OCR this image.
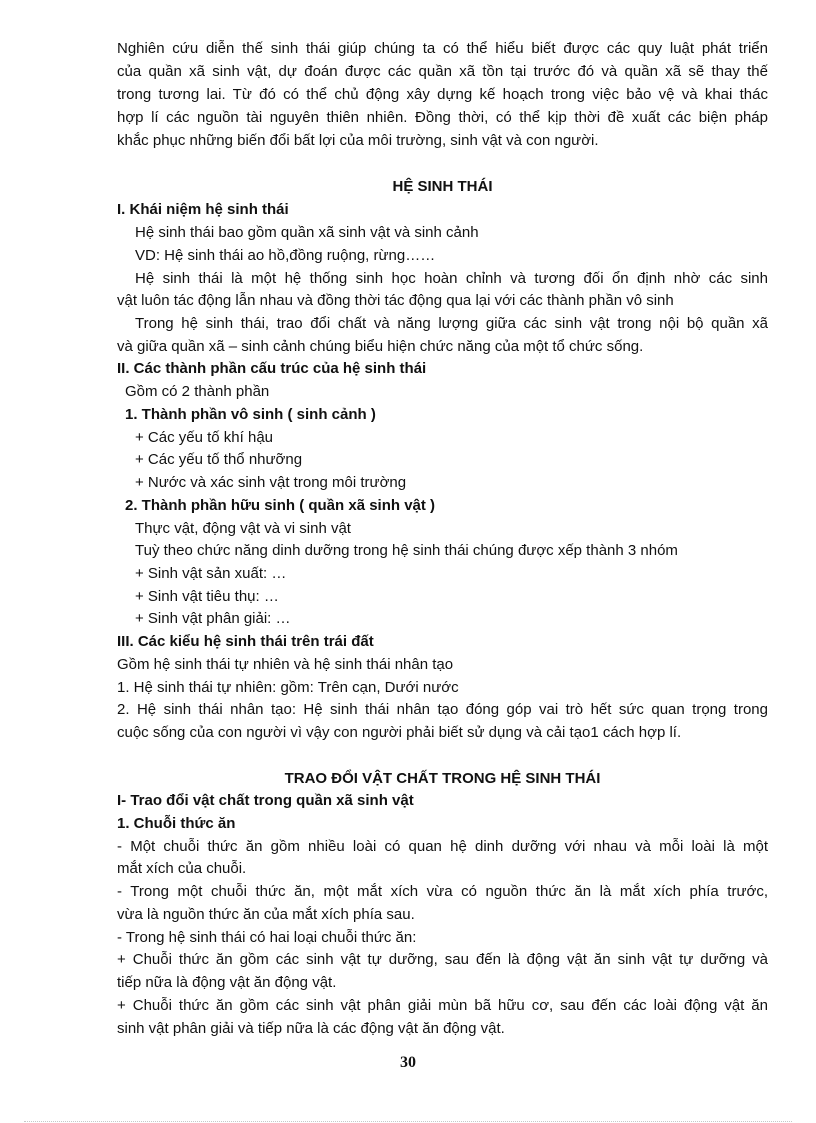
Nghiên cứu diễn thế sinh thái giúp chúng ta có thể hiểu biết được các quy luật phát triển

của quần xã sinh vật, dự đoán được các quần xã tồn tại trước đó và quần xã sẽ thay thế

trong tương lai. Từ đó có thể chủ động xây dựng kế hoạch trong việc bảo vệ và khai thác

hợp lí các nguồn tài nguyên thiên nhiên. Đồng thời, có thể kịp thời đề xuất các biện pháp

khắc phục những biến đổi bất lợi của môi trường, sinh vật và con người.

HỆ SINH THÁI

I. Khái niệm hệ sinh thái

Hệ sinh thái bao gồm quần xã sinh vật và sinh cảnh

VD: Hệ sinh thái ao hồ,đồng ruộng, rừng……

Hệ sinh thái là một hệ thống sinh học hoàn chỉnh và tương đối ổn định nhờ các sinh

vật luôn tác động lẫn nhau và đồng thời tác động qua lại với các thành phần vô sinh

Trong hệ sinh thái, trao đổi chất và năng lượng giữa các sinh vật trong nội bộ quần xã

và giữa quần xã – sinh cảnh chúng biểu hiện chức năng của một tổ chức sống.

II. Các thành phần cấu trúc của hệ sinh thái

Gồm có 2 thành phần

1. Thành phần vô sinh ( sinh cảnh )

+ Các yếu tố khí hậu

+ Các yếu tố thổ nhưỡng

+ Nước và xác sinh vật trong môi trường

2. Thành phần hữu sinh ( quần xã sinh vật )

Thực vật, động vật và vi sinh vật

Tuỳ theo chức năng dinh dưỡng trong hệ sinh thái chúng được xếp thành 3 nhóm

+ Sinh vật sản xuất: …

+ Sinh vật tiêu thụ: …

+ Sinh vật phân giải: …

III. Các kiểu hệ sinh thái trên trái đất

Gồm hệ sinh thái tự nhiên và hệ sinh thái nhân tạo

1. Hệ sinh thái tự nhiên: gồm: Trên cạn, Dưới nước

2. Hệ sinh thái nhân tạo: Hệ sinh thái nhân tạo đóng góp vai trò hết sức quan trọng trong

cuộc sống của con người vì vậy con người phải biết sử dụng và cải tạo1 cách hợp lí.

TRAO ĐỔI VẬT CHẤT TRONG HỆ SINH THÁI

I- Trao đổi vật chất trong quần xã sinh vật

1. Chuỗi thức ăn

- Một chuỗi thức ăn gồm nhiều loài có quan hệ dinh dưỡng với nhau và mỗi loài là một

mắt xích của chuỗi.

- Trong một chuỗi thức ăn, một mắt xích vừa có nguồn thức ăn là mắt xích phía trước,

vừa là nguồn thức ăn của mắt xích phía sau.

- Trong hệ sinh thái có hai loại chuỗi thức ăn:

+ Chuỗi thức ăn gồm các sinh vật tự dưỡng, sau đến là động vật ăn sinh vật tự dưỡng và

tiếp nữa là động vật ăn động vật.

+ Chuỗi thức ăn gồm các sinh vật phân giải mùn bã hữu cơ, sau đến các loài động vật ăn

sinh vật phân giải và tiếp nữa là các động vật ăn động vật.

30
